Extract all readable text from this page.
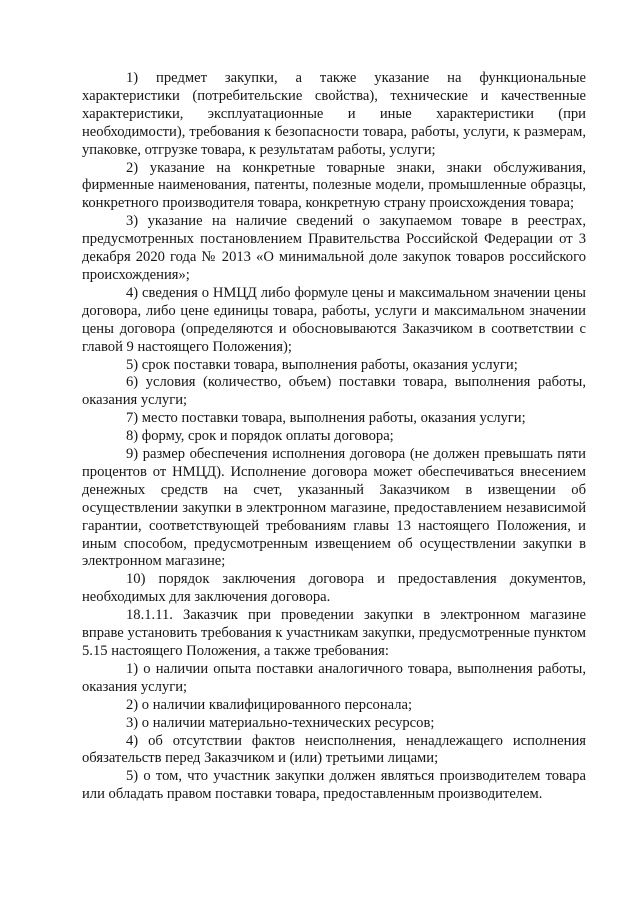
1) предмет закупки, а также указание на функциональные характеристики (потребительские свойства), технические и качественные характеристики, эксплуатационные и иные характеристики (при необходимости), требования к безопасности товара, работы, услуги, к размерам, упаковке, отгрузке товара, к результатам работы, услуги;

2) указание на конкретные товарные знаки, знаки обслуживания, фирменные наименования, патенты, полезные модели, промышленные образцы, конкретного производителя товара, конкретную страну происхождения товара;

3) указание на наличие сведений о закупаемом товаре в реестрах, предусмотренных постановлением Правительства Российской Федерации от 3 декабря 2020 года № 2013 «О минимальной доле закупок товаров российского происхождения»;

4) сведения о НМЦД либо формуле цены и максимальном значении цены договора, либо цене единицы товара, работы, услуги и максимальном значении цены договора (определяются и обосновываются Заказчиком в соответствии с главой 9 настоящего Положения);

5) срок поставки товара, выполнения работы, оказания услуги;

6) условия (количество, объем) поставки товара, выполнения работы, оказания услуги;

7) место поставки товара, выполнения работы, оказания услуги;

8) форму, срок и порядок оплаты договора;

9) размер обеспечения исполнения договора (не должен превышать пяти процентов от НМЦД). Исполнение договора может обеспечиваться внесением денежных средств на счет, указанный Заказчиком в извещении об осуществлении закупки в электронном магазине, предоставлением независимой гарантии, соответствующей требованиям главы 13 настоящего Положения, и иным способом, предусмотренным извещением об осуществлении закупки в электронном магазине;

10) порядок заключения договора и предоставления документов, необходимых для заключения договора.

18.1.11. Заказчик при проведении закупки в электронном магазине вправе установить требования к участникам закупки, предусмотренные пунктом 5.15 настоящего Положения, а также требования:

1) о наличии опыта поставки аналогичного товара, выполнения работы, оказания услуги;

2) о наличии квалифицированного персонала;

3) о наличии материально-технических ресурсов;

4) об отсутствии фактов неисполнения, ненадлежащего исполнения обязательств перед Заказчиком и (или) третьими лицами;

5) о том, что участник закупки должен являться производителем товара или обладать правом поставки товара, предоставленным производителем.
